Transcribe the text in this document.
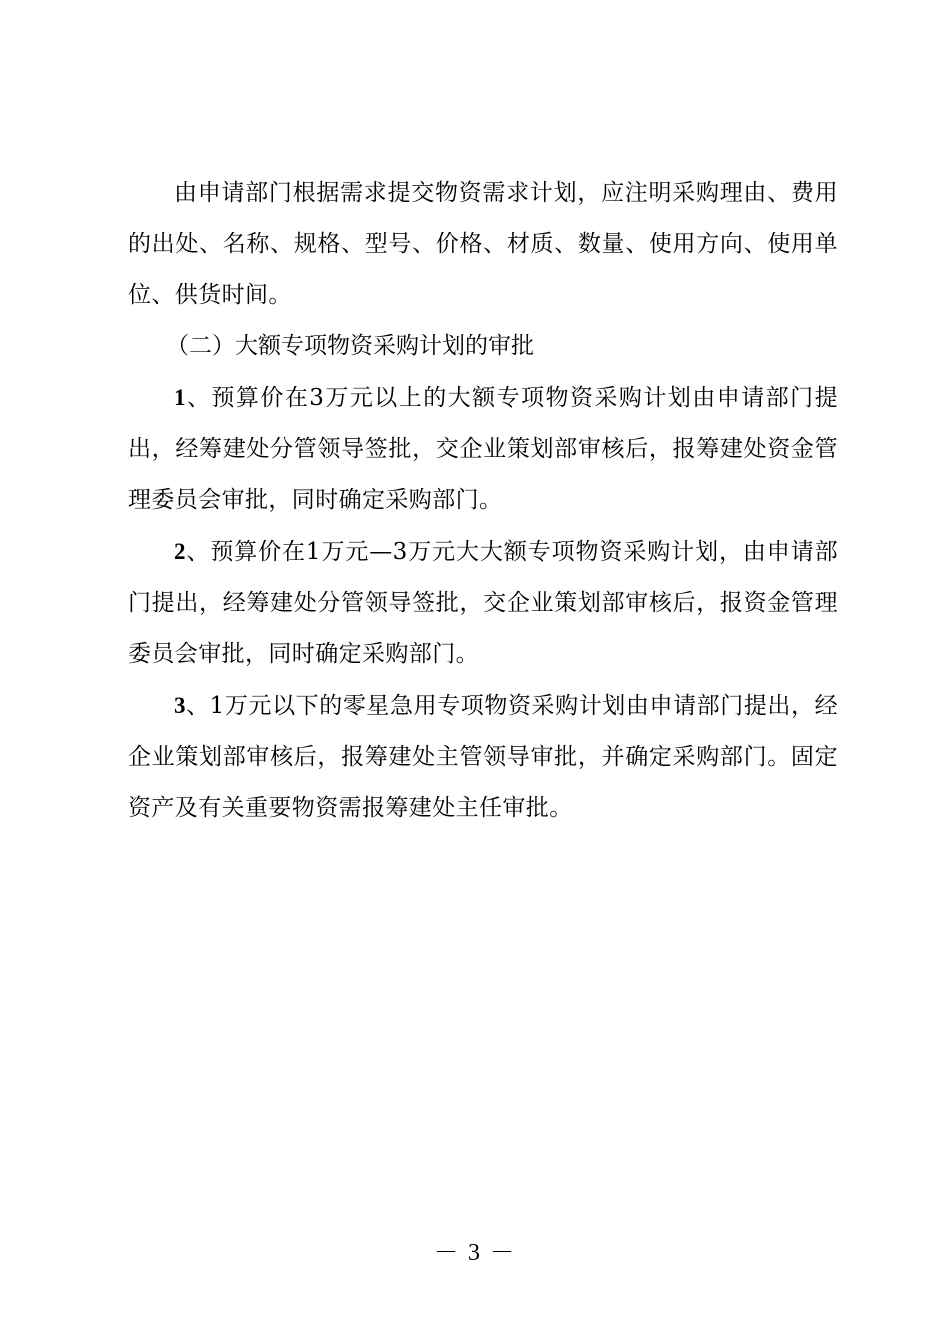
由申请部门根据需求提交物资需求计划，应注明采购理由、费用的出处、名称、规格、型号、价格、材质、数量、使用方向、使用单位、供货时间。

（二）大额专项物资采购计划的审批

1、预算价在3万元以上的大额专项物资采购计划由申请部门提出，经筹建处分管领导签批，交企业策划部审核后，报筹建处资金管理委员会审批，同时确定采购部门。

2、预算价在1万元—3万元大大额专项物资采购计划，由申请部门提出，经筹建处分管领导签批，交企业策划部审核后，报资金管理委员会审批，同时确定采购部门。

3、1万元以下的零星急用专项物资采购计划由申请部门提出，经企业策划部审核后，报筹建处主管领导审批，并确定采购部门。固定资产及有关重要物资需报筹建处主任审批。

－ 3 －
